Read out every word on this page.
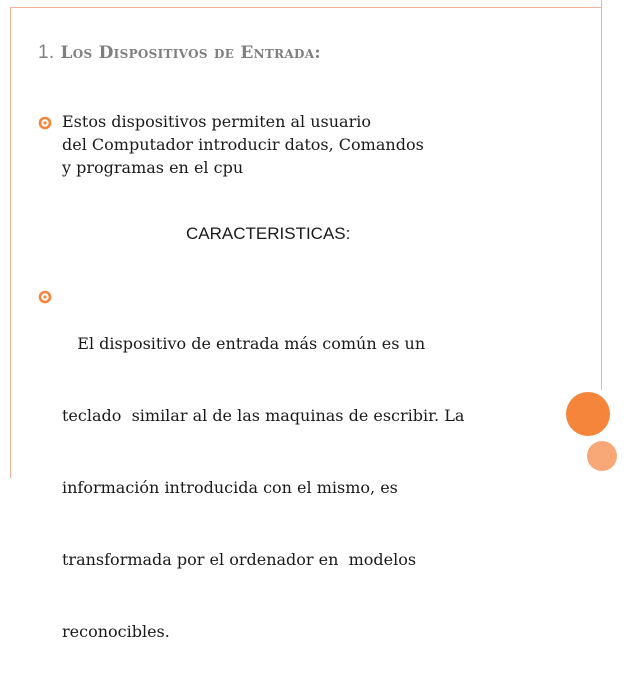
1. Los Dispositivos de Entrada:
Estos dispositivos permiten al usuario
del Computador introducir datos, Comandos
y programas en el cpu
CARACTERISTICAS:

El dispositivo de entrada más común es un

teclado  similar al de las maquinas de escribir. La

información introducida con el mismo, es

transformada por el ordenador en  modelos

reconocibles.
